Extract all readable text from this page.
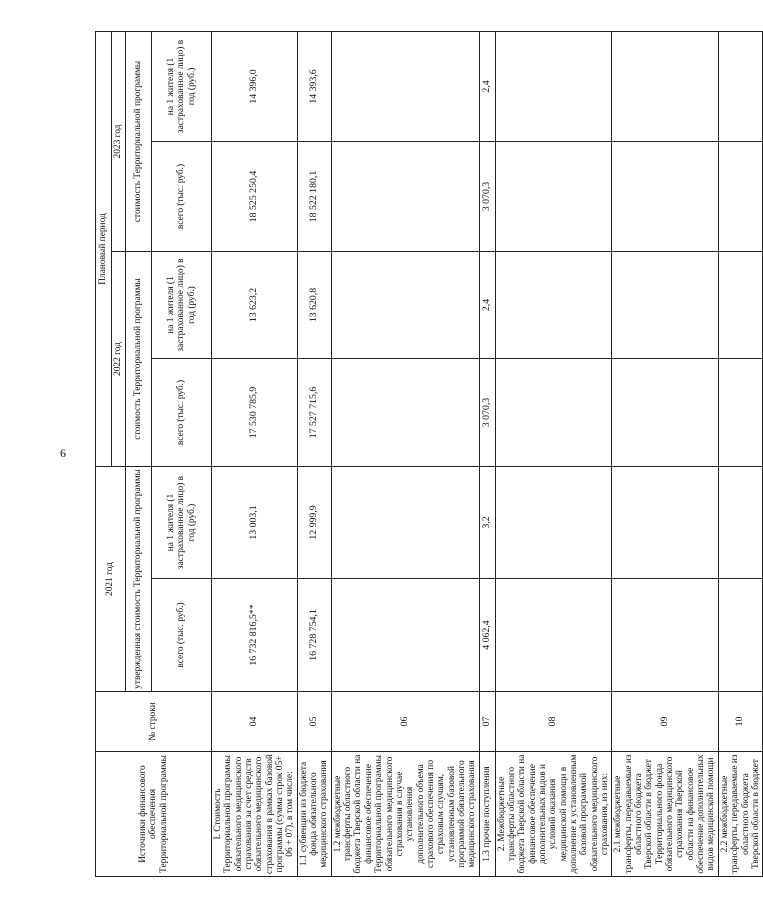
6
Источники финансового обеспечения Территориальной программы	№ строки	2021 год		Плановый период			
				2022 год		2023 год	
		утвержденная стоимость Территориальной программы		стоимость Территориальной программы		стоимость Территориальной программы	
		всего (тыс. руб.)	на 1 жителя (1 застрахованное лицо) в год (руб.)	всего (тыс. руб.)	на 1 жителя (1 застрахованное лицо) в год (руб.)	всего (тыс. руб.)	на 1 жителя (1 застрахованное лицо) в год (руб.)
I. Стоимость Территориальной программы обязательного медицинского страхования за счет средств обязательного медицинского страхования в рамках базовой программы (сумма строк 05+ 06 + 07), в том числе:	04	16 732 816,5**	13 003,1	17 530 785,9	13 623,2	18 525 250,4	14 396,0
1.1 субвенции из бюджета фонда обязательного медицинского страхования	05	16 728 754,1	12 999,9	17 527 715,6	13 620,8	18 522 180,1	14 393,6
1.2 межбюджетные трансферты областного бюджета Тверской области на финансовое обеспечение Территориальной программы обязательного медицинского страхования в случае установления дополнительного объема страхового обеспечения по страховым случаям, установленным базовой программой обязательного медицинского страхования	06						
1.3 прочие поступления	07	4 062,4	3,2	3 070,3	2,4	3 070,3	2,4
2. Межбюджетные трансферты областного бюджета Тверской области на финансовое обеспечение дополнительных видов и условий оказания медицинской помощи в дополнение к установленным базовой программой обязательного медицинского страхования, из них:	08						
2.1 межбюджетные трансферты, передаваемые из областного бюджета Тверской области в бюджет Территориального фонда обязательного медицинского страхования Тверской области на финансовое обеспечение дополнительных видов медицинской помощи	09						
2.2 межбюджетные трансферты, передаваемые из областного бюджета Тверской области в бюджет	10						
